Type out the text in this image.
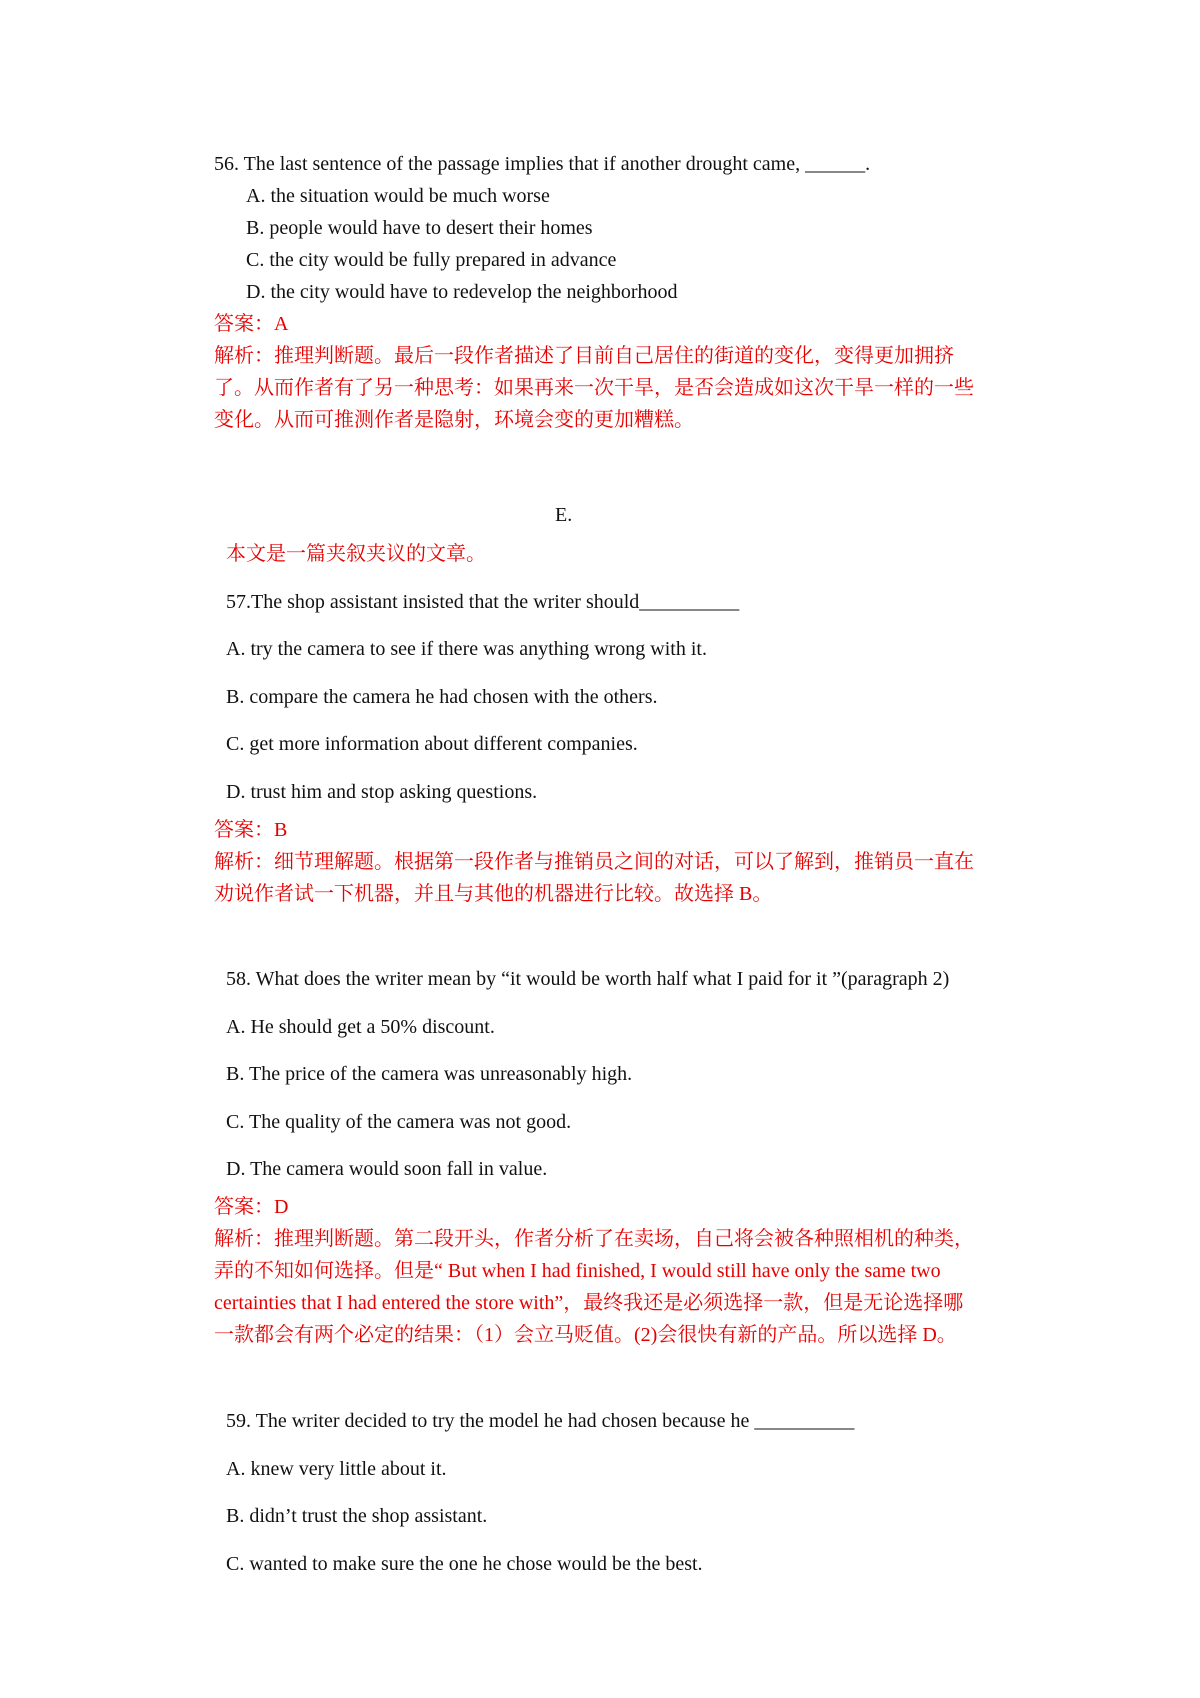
56. The last sentence of the passage implies that if another drought came, ______.
A. the situation would be much worse
B. people would have to desert their homes
C. the city would be fully prepared in advance
D. the city would have to redevelop the neighborhood
答案：A
解析：推理判断题。最后一段作者描述了目前自己居住的街道的变化，变得更加拥挤
了。从而作者有了另一种思考：如果再来一次干旱，是否会造成如这次干旱一样的一些
变化。从而可推测作者是隐射，环境会变的更加糟糕。
E.
本文是一篇夹叙夹议的文章。
57.The shop assistant insisted that the writer should__________
A. try the camera to see if there was anything wrong with it.
B. compare the camera he had chosen with the others.
C. get more information about different companies.
D. trust him and stop asking questions.
答案：B
解析：细节理解题。根据第一段作者与推销员之间的对话，可以了解到，推销员一直在
劝说作者试一下机器，并且与其他的机器进行比较。故选择 B。
58. What does the writer mean by “it would be worth half what I paid for it ”(paragraph 2)
A. He should get a 50% discount.
B. The price of the camera was unreasonably high.
C. The quality of the camera was not good.
D. The camera would soon fall in value.
答案：D
解析：推理判断题。第二段开头，作者分析了在卖场，自己将会被各种照相机的种类，
弄的不知如何选择。但是“ But when I had finished, I would still have only the same two
certainties that I had entered the store with”，最终我还是必须选择一款，但是无论选择哪
一款都会有两个必定的结果：（1）会立马贬值。(2)会很快有新的产品。所以选择 D。
59. The writer decided to try the model he had chosen because he __________
A. knew very little about it.
B. didn’t trust the shop assistant.
C. wanted to make sure the one he chose would be the best.
